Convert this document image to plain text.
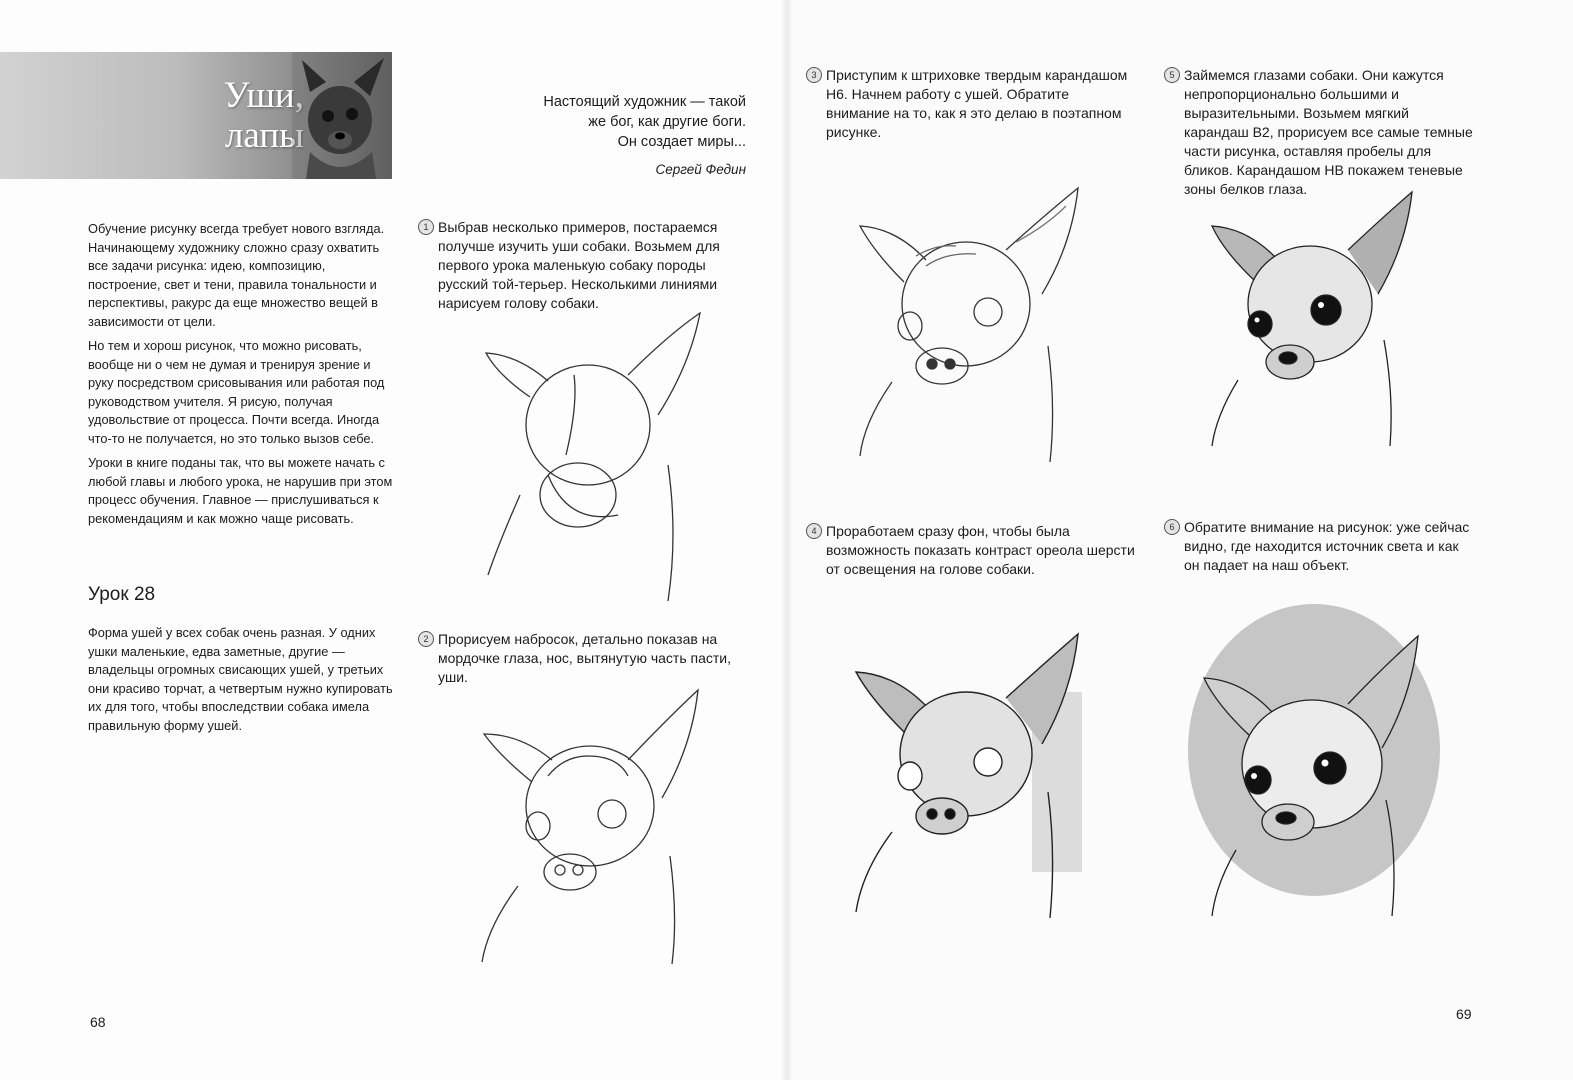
Уши,
лапы
Настоящий художник — такой
же бог, как другие боги.
Он создает миры...
Сергей Федин

Обучение рисунку всегда требует нового взгляда. Начинающему художнику сложно сразу охватить все задачи рисунка: идею, композицию, построение, свет и тени, правила тональности и перспективы, ракурс да еще множество вещей в зависимости от цели.

Но тем и хорош рисунок, что можно рисовать, вообще ни о чем не думая и тренируя зрение и руку посредством срисовывания или работая под руководством учителя. Я рисую, получая удовольствие от процесса. Почти всегда. Иногда что-то не получается, но это только вызов себе.

Уроки в книге поданы так, что вы можете начать с любой главы и любого урока, не нарушив при этом процесс обучения. Главное — прислушиваться к рекомендациям и как можно чаще рисовать.

Урок 28

Форма ушей у всех собак очень разная. У одних ушки маленькие, едва заметные, другие — владельцы огромных свисающих ушей, у третьих они красиво торчат, а четвертым нужно купировать их для того, чтобы впоследствии собака имела правильную форму ушей.

1 Выбрав несколько примеров, постараемся получше изучить уши собаки. Возьмем для первого урока маленькую собаку породы русский той-терьер. Несколькими линиями нарисуем голову собаки.
2 Прорисуем набросок, детально показав на мордочке глаза, нос, вытянутую часть пасти, уши.
3 Приступим к штриховке твердым карандашом Н6. Начнем работу с ушей. Обратите внимание на то, как я это делаю в поэтапном рисунке.
4 Проработаем сразу фон, чтобы была возможность показать контраст ореола шерсти от освещения на голове собаки.
5 Займемся глазами собаки. Они кажутся непропорционально большими и выразительными. Возьмем мягкий карандаш В2, прорисуем все самые темные части рисунка, оставляя пробелы для бликов. Карандашом НВ покажем теневые зоны белков глаза.
6 Обратите внимание на рисунок: уже сейчас видно, где находится источник света и как он падает на наш объект.
68	69
